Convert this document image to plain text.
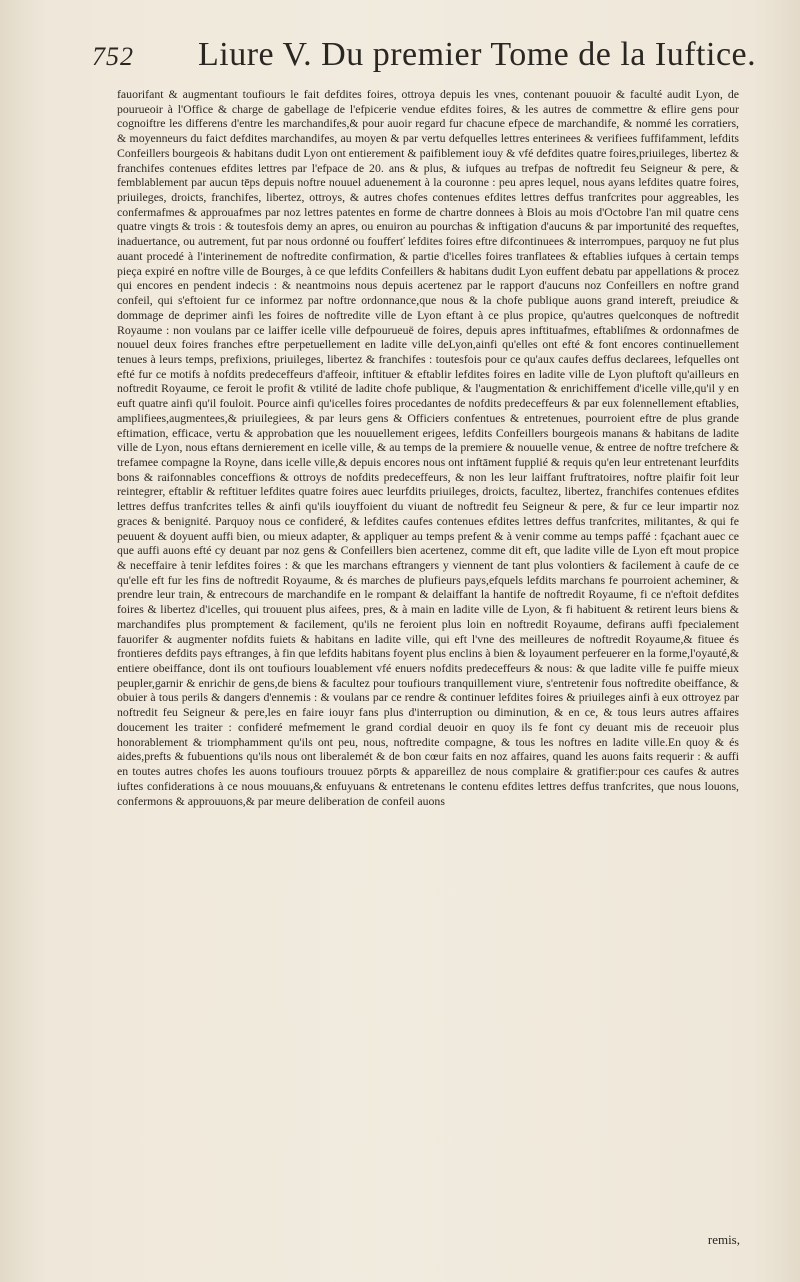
752 Liure V. Du premier Tome de la Iuftice.

fauorifant & augmentant toufiours le fait defdites foires, ottroya depuis les vnes, contenant pouuoir & faculté audit Lyon, de pourueoir à l'Office & charge de gabellage de l'efpicerie vendue efdites foires, & les autres de commettre & eflire gens pour cognoiftre les differens d'entre les marchandifes,& pour auoir regard fur chacune efpece de marchandife, & nommé les corratiers, & moyenneurs du faict defdites marchandifes, au moyen & par vertu defquelles lettres enterinees & verifiees fuffifamment, lefdits Confeillers bourgeois & habitans dudit Lyon ont entierement & paifiblement iouy & vfé defdites quatre foires,priuileges, libertez & franchifes contenues efdites lettres par l'efpace de 20. ans & plus, & iufques au trefpas de noftredit feu Seigneur & pere, & femblablement par aucun tēps depuis noftre nouuel aduenement à la couronne : peu apres lequel, nous ayans lefdites quatre foires, priuileges, droicts, franchifes, libertez, ottroys, & autres chofes contenues efdites lettres deffus tranfcrites pour aggreables, les confermafmes & approuafmes par noz lettres patentes en forme de chartre donnees à Blois au mois d'Octobre l'an mil quatre cens quatre vingts & trois : & toutesfois demy an apres, ou enuiron au pourchas & inftigation d'aucuns & par importunité des requeftes, inaduertance, ou autrement, fut par nous ordonné ou foufferť lefdites foires eftre difcontinuees & interrompues, parquoy ne fut plus auant procedé à l'interinement de noftredite confirmation, & partie d'icelles foires tranflatees & eftablies iufques à certain temps pieça expiré en noftre ville de Bourges, à ce que lefdits Confeillers & habitans dudit Lyon euffent debatu par appellations & procez qui encores en pendent indecis : & neantmoins nous depuis acertenez par le rapport d'aucuns noz Confeillers en noftre grand confeil, qui s'eftoient fur ce informez par noftre ordonnance,que nous & la chofe publique auons grand intereft, preiudice & dommage de deprimer ainfi les foires de noftredite ville de Lyon eftant à ce plus propice, qu'autres quelconques de noftredit Royaume : non voulans par ce laiffer icelle ville defpourueuë de foires, depuis apres inftituafmes, eftabliſmes & ordonnafmes de nouuel deux foires franches eftre perpetuellement en ladite ville deLyon,ainfi qu'elles ont efté & font encores continuellement tenues à leurs temps, prefixions, priuileges, libertez & franchifes : toutesfois pour ce qu'aux caufes deffus declarees, lefquelles ont efté fur ce motifs à nofdits predeceffeurs d'affeoir, inftituer & eftablir lefdites foires en ladite ville de Lyon pluftoft qu'ailleurs en noftredit Royaume, ce feroit le profit & vtilité de ladite chofe publique, & l'augmentation & enrichiffement d'icelle ville,qu'il y en euft quatre ainfi qu'il fouloit. Pource ainfi qu'icelles foires procedantes de nofdits predeceffeurs & par eux folennellement eftablies, amplifiees,augmentees,& priuilegiees, & par leurs gens & Officiers confentues & entretenues, pourroient eftre de plus grande eftimation, efficace, vertu & approbation que les nouuellement erigees, lefdits Confeillers bourgeois manans & habitans de ladite ville de Lyon, nous eftans dernierement en icelle ville, & au temps de la premiere & nouuelle venue, & entree de noftre trefchere & trefamee compagne la Royne, dans icelle ville,& depuis encores nous ont inftāment fupplié & requis qu'en leur entretenant leurfdits bons & raifonnables conceffions & ottroys de nofdits predeceffeurs, & non les leur laiffant fruftratoires, noftre plaifir foit leur reintegrer, eftablir & reftituer lefdites quatre foires auec leurfdits priuileges, droicts, facultez, libertez, franchifes contenues efdites lettres deffus tranfcrites telles & ainfi qu'ils iouyffoient du viuant de noftredit feu Seigneur & pere, & fur ce leur impartir noz graces & benignité. Parquoy nous ce confideré, & lefdites caufes contenues efdites lettres deffus tranfcrites, militantes, & qui fe peuuent & doyuent auffi bien, ou mieux adapter, & appliquer au temps prefent & à venir comme au temps paffé : fçachant auec ce que auffi auons efté cy deuant par noz gens & Confeillers bien acertenez, comme dit eft, que ladite ville de Lyon eft mout propice & neceffaire à tenir lefdites foires : & que les marchans eftrangers y viennent de tant plus volontiers & facilement à caufe de ce qu'elle eft fur les fins de noftredit Royaume, & és marches de plufieurs pays,efquels lefdits marchans fe pourroient acheminer, & prendre leur train, & entrecours de marchandife en le rompant & delaiffant la hantife de noftredit Royaume, fi ce n'eftoit defdites foires & libertez d'icelles, qui trouuent plus aifees, pres, & à main en ladite ville de Lyon, & fi habituent & retirent leurs biens & marchandifes plus promptement & facilement, qu'ils ne feroient plus loin en noftredit Royaume, defirans auffi fpecialement fauorifer & augmenter nofdits fuiets & habitans en ladite ville, qui eft l'vne des meilleures de noftredit Royaume,& fituee és frontieres defdits pays eftranges, à fin que lefdits habitans foyent plus enclins à bien & loyaument perfeuerer en la forme,l'oyauté,& entiere obeiffance, dont ils ont toufiours louablement vfé enuers nofdits predeceffeurs & nous: & que ladite ville fe puiffe mieux peupler,garnir & enrichir de gens,de biens & facultez pour toufiours tranquillement viure, s'entretenir fous noftredite obeiffance, & obuier à tous perils & dangers d'ennemis : & voulans par ce rendre & continuer lefdites foires & priuileges ainfi à eux ottroyez par noftredit feu Seigneur & pere,les en faire iouyr fans plus d'interruption ou diminution, & en ce, & tous leurs autres affaires doucement les traiter : confideré mefmement le grand cordial deuoir en quoy ils fe font cy deuant mis de receuoir plus honorablement & triomphamment qu'ils ont peu, nous, noftredite compagne, & tous les noftres en ladite ville.En quoy & és aides,prefts & fubuentions qu'ils nous ont liberalemét & de bon cœur faits en noz affaires, quand les auons faits requerir : & auffi en toutes autres chofes les auons toufiours trouuez pōrpts & appareillez de nous complaire & gratifier:pour ces caufes & autres iuftes confiderations à ce nous mouuans,& enfuyuans & entretenans le contenu efdites lettres deffus tranfcrites, que nous louons, confermons & approuuons,& par meure deliberation de confeil auons

remis,
